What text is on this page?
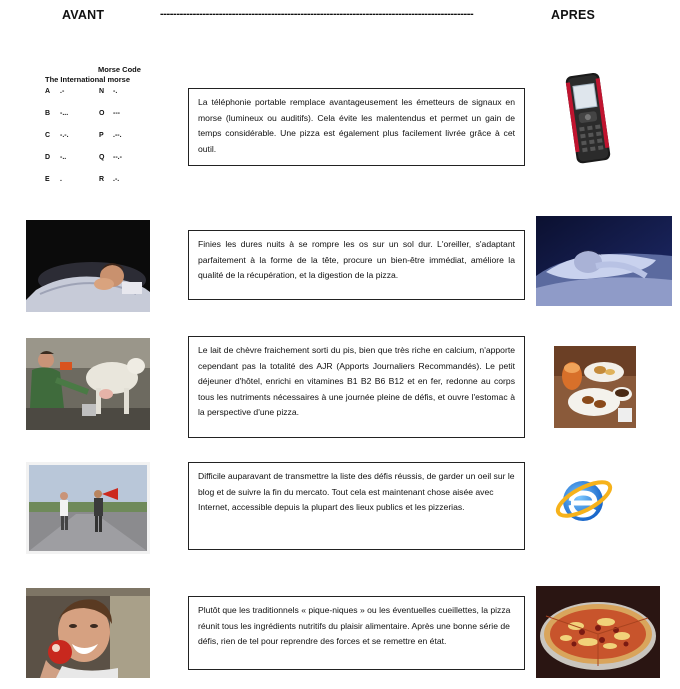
AVANT	------------------------------------------------------------------------------------------------	APRES
Morse Code
The International morse
A .-	N -.
B -...	O ---
C -.-.	P .--.
D -..	Q --.-
E .	R .-.

La téléphonie portable remplace avantageusement les émetteurs de signaux en morse (lumineux ou auditifs). Cela évite les malentendus et permet un gain de temps considérable. Une pizza est également plus facilement livrée grâce à cet outil.

Finies les dures nuits à se rompre les os sur un sol dur. L'oreiller, s'adaptant parfaitement à la forme de la tête, procure un bien-être immédiat, améliore la qualité de la récupération, et la digestion de la pizza.

Le lait de chèvre fraichement sorti du pis, bien que très riche en calcium, n'apporte cependant pas la totalité des AJR (Apports Journaliers Recommandés). Le petit déjeuner d'hôtel, enrichi en vitamines B1 B2 B6 B12 et en fer, redonne au corps tous les nutriments nécessaires à une journée pleine de défis, et ouvre l'estomac à la perspective d'une pizza.

Difficile auparavant de transmettre la liste des défis réussis, de garder un oeil sur le blog et de suivre la fin du mercato. Tout cela est maintenant chose aisée avec Internet, accessible depuis la plupart des lieux publics et les pizzerias.

Plutôt que les traditionnels « pique-niques » ou les éventuelles cueillettes, la pizza réunit tous les ingrédients nutritifs du plaisir alimentaire. Après une bonne série de défis, rien de tel pour reprendre des forces et se remettre en état.
